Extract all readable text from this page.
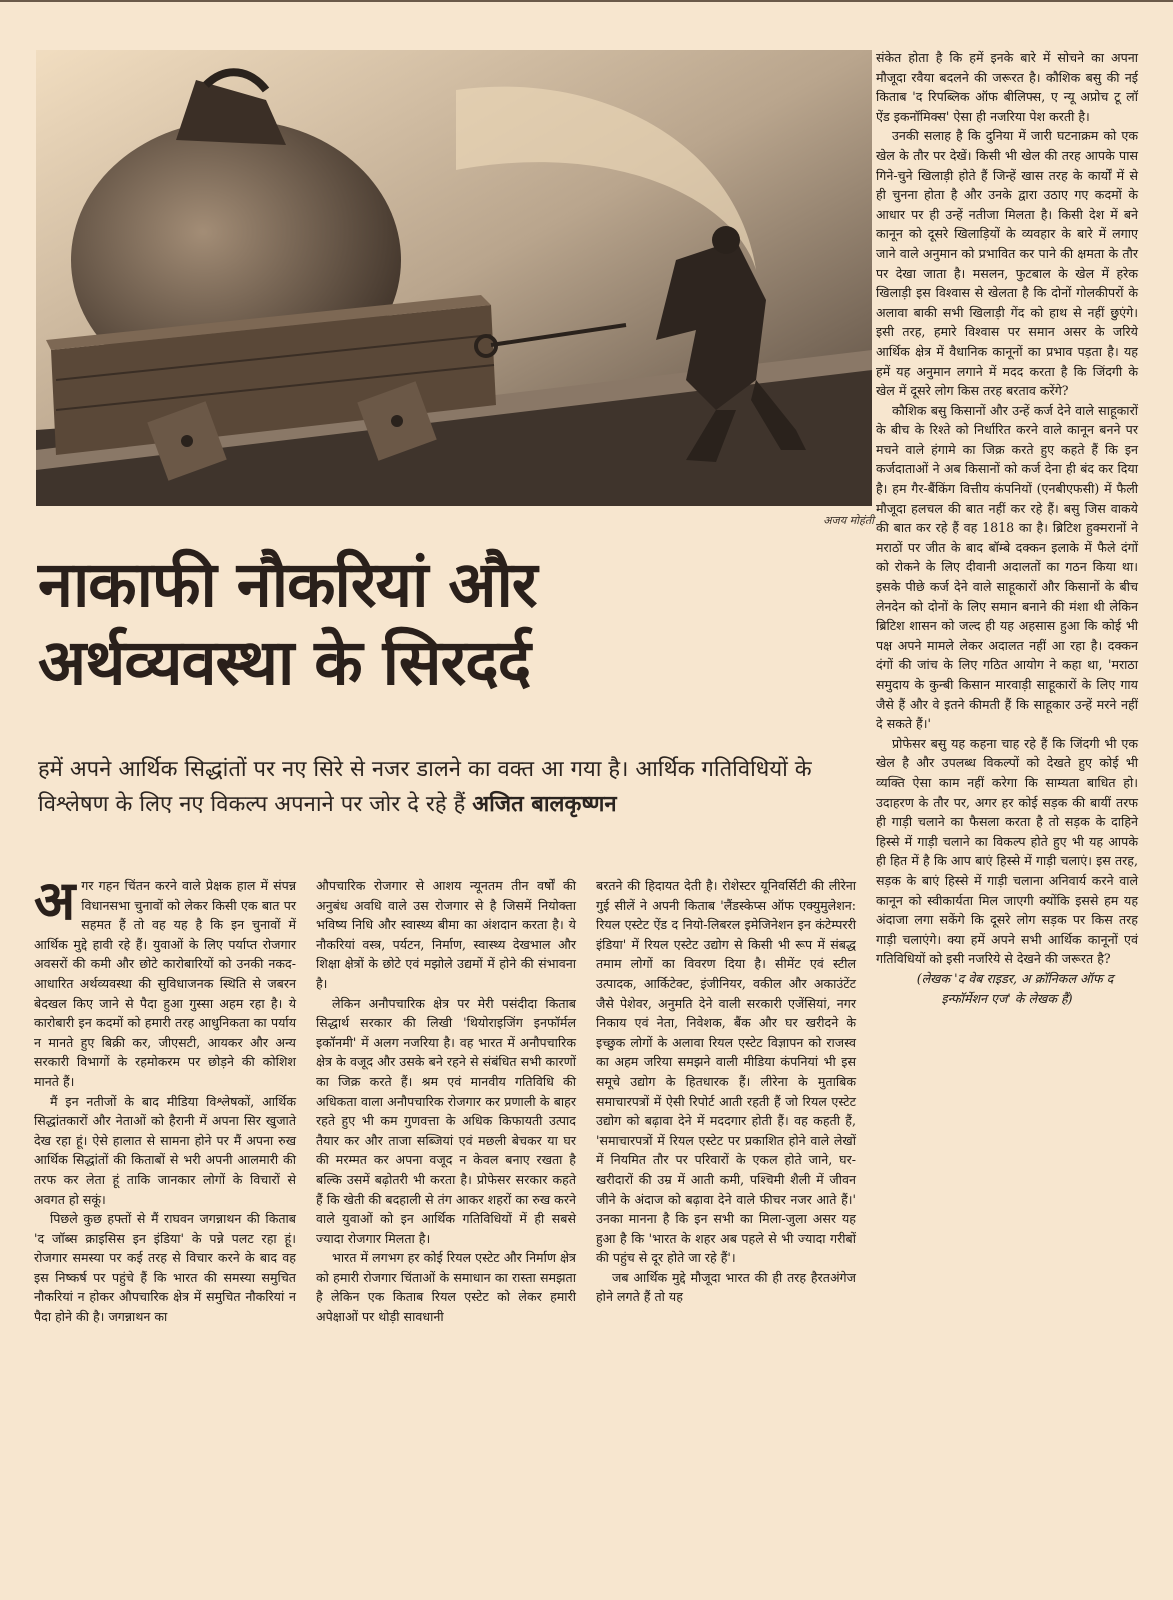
अजय मोहंती
नाकाफी नौकरियां और
अर्थव्यवस्था के सिरदर्द

हमें अपने आर्थिक सिद्धांतों पर नए सिरे से नजर डालने का वक्त आ गया है। आर्थिक गतिविधियों के विश्लेषण के लिए नए विकल्प अपनाने पर जोर दे रहे हैं अजित बालकृष्णन

अगर गहन चिंतन करने वाले प्रेक्षक हाल में संपन्न विधानसभा चुनावों को लेकर किसी एक बात पर सहमत हैं तो वह यह है कि इन चुनावों में आर्थिक मुद्दे हावी रहे हैं। युवाओं के लिए पर्याप्त रोजगार अवसरों की कमी और छोटे कारोबारियों को उनकी नकद-आधारित अर्थव्यवस्था की सुविधाजनक स्थिति से जबरन बेदखल किए जाने से पैदा हुआ गुस्सा अहम रहा है। ये कारोबारी इन कदमों को हमारी तरह आधुनिकता का पर्याय न मानते हुए बिक्री कर, जीएसटी, आयकर और अन्य सरकारी विभागों के रहमोकरम पर छोड़ने की कोशिश मानते हैं।

मैं इन नतीजों के बाद मीडिया विश्लेषकों, आर्थिक सिद्धांतकारों और नेताओं को हैरानी में अपना सिर खुजाते देख रहा हूं। ऐसे हालात से सामना होने पर मैं अपना रुख आर्थिक सिद्धांतों की किताबों से भरी अपनी आलमारी की तरफ कर लेता हूं ताकि जानकार लोगों के विचारों से अवगत हो सकूं।

पिछले कुछ हफ्तों से मैं राघवन जगन्नाथन की किताब 'द जॉब्स क्राइसिस इन इंडिया' के पन्ने पलट रहा हूं। रोजगार समस्या पर कई तरह से विचार करने के बाद वह इस निष्कर्ष पर पहुंचे हैं कि भारत की समस्या समुचित नौकरियां न होकर औपचारिक क्षेत्र में समुचित नौकरियां न पैदा होने की है। जगन्नाथन का

औपचारिक रोजगार से आशय न्यूनतम तीन वर्षों की अनुबंध अवधि वाले उस रोजगार से है जिसमें नियोक्ता भविष्य निधि और स्वास्थ्य बीमा का अंशदान करता है। ये नौकरियां वस्त्र, पर्यटन, निर्माण, स्वास्थ्य देखभाल और शिक्षा क्षेत्रों के छोटे एवं मझोले उद्यमों में होने की संभावना है।

लेकिन अनौपचारिक क्षेत्र पर मेरी पसंदीदा किताब सिद्धार्थ सरकार की लिखी 'थियोराइजिंग इनफॉर्मल इकॉनमी' में अलग नजरिया है। वह भारत में अनौपचारिक क्षेत्र के वजूद और उसके बने रहने से संबंधित सभी कारणों का जिक्र करते हैं। श्रम एवं मानवीय गतिविधि की अधिकता वाला अनौपचारिक रोजगार कर प्रणाली के बाहर रहते हुए भी कम गुणवत्ता के अधिक किफायती उत्पाद तैयार कर और ताजा सब्जियां एवं मछली बेचकर या घर की मरम्मत कर अपना वजूद न केवल बनाए रखता है बल्कि उसमें बढ़ोतरी भी करता है। प्रोफेसर सरकार कहते हैं कि खेती की बदहाली से तंग आकर शहरों का रुख करने वाले युवाओं को इन आर्थिक गतिविधियों में ही सबसे ज्यादा रोजगार मिलता है।

भारत में लगभग हर कोई रियल एस्टेट और निर्माण क्षेत्र को हमारी रोजगार चिंताओं के समाधान का रास्ता समझता है लेकिन एक किताब रियल एस्टेट को लेकर हमारी अपेक्षाओं पर थोड़ी सावधानी

बरतने की हिदायत देती है। रोशेस्टर यूनिवर्सिटी की लीरेना गुई सीलें ने अपनी किताब 'लैंडस्केप्स ऑफ एक्युमुलेशन: रियल एस्टेट ऐंड द नियो-लिबरल इमेजिनेशन इन कंटेम्पररी इंडिया' में रियल एस्टेट उद्योग से किसी भी रूप में संबद्ध तमाम लोगों का विवरण दिया है। सीमेंट एवं स्टील उत्पादक, आर्किटेक्ट, इंजीनियर, वकील और अकाउंटेंट जैसे पेशेवर, अनुमति देने वाली सरकारी एजेंसियां, नगर निकाय एवं नेता, निवेशक, बैंक और घर खरीदने के इच्छुक लोगों के अलावा रियल एस्टेट विज्ञापन को राजस्व का अहम जरिया समझने वाली मीडिया कंपनियां भी इस समूचे उद्योग के हितधारक हैं। लीरेना के मुताबिक समाचारपत्रों में ऐसी रिपोर्ट आती रहती हैं जो रियल एस्टेट उद्योग को बढ़ावा देने में मददगार होती हैं। वह कहती हैं, 'समाचारपत्रों में रियल एस्टेट पर प्रकाशित होने वाले लेखों में नियमित तौर पर परिवारों के एकल होते जाने, घर-खरीदारों की उम्र में आती कमी, पश्चिमी शैली में जीवन जीने के अंदाज को बढ़ावा देने वाले फीचर नजर आते हैं।' उनका मानना है कि इन सभी का मिला-जुला असर यह हुआ है कि 'भारत के शहर अब पहले से भी ज्यादा गरीबों की पहुंच से दूर होते जा रहे हैं'।

जब आर्थिक मुद्दे मौजूदा भारत की ही तरह हैरतअंगेज होने लगते हैं तो यह

संकेत होता है कि हमें इनके बारे में सोचने का अपना मौजूदा रवैया बदलने की जरूरत है। कौशिक बसु की नई किताब 'द रिपब्लिक ऑफ बीलिफ्स, ए न्यू अप्रोच टू लॉ ऐंड इकनॉमिक्स' ऐसा ही नजरिया पेश करती है।

उनकी सलाह है कि दुनिया में जारी घटनाक्रम को एक खेल के तौर पर देखें। किसी भी खेल की तरह आपके पास गिने-चुने खिलाड़ी होते हैं जिन्हें खास तरह के कार्यों में से ही चुनना होता है और उनके द्वारा उठाए गए कदमों के आधार पर ही उन्हें नतीजा मिलता है। किसी देश में बने कानून को दूसरे खिलाड़ियों के व्यवहार के बारे में लगाए जाने वाले अनुमान को प्रभावित कर पाने की क्षमता के तौर पर देखा जाता है। मसलन, फुटबाल के खेल में हरेक खिलाड़ी इस विश्वास से खेलता है कि दोनों गोलकीपरों के अलावा बाकी सभी खिलाड़ी गेंद को हाथ से नहीं छुएंगे। इसी तरह, हमारे विश्वास पर समान असर के जरिये आर्थिक क्षेत्र में वैधानिक कानूनों का प्रभाव पड़ता है। यह हमें यह अनुमान लगाने में मदद करता है कि जिंदगी के खेल में दूसरे लोग किस तरह बरताव करेंगे?

कौशिक बसु किसानों और उन्हें कर्ज देने वाले साहूकारों के बीच के रिश्ते को निर्धारित करने वाले कानून बनने पर मचने वाले हंगामे का जिक्र करते हुए कहते हैं कि इन कर्जदाताओं ने अब किसानों को कर्ज देना ही बंद कर दिया है। हम गैर-बैंकिंग वित्तीय कंपनियों (एनबीएफसी) में फैली मौजूदा हलचल की बात नहीं कर रहे हैं। बसु जिस वाकये की बात कर रहे हैं वह 1818 का है। ब्रिटिश हुक्मरानों ने मराठों पर जीत के बाद बॉम्बे दक्कन इलाके में फैले दंगों को रोकने के लिए दीवानी अदालतों का गठन किया था। इसके पीछे कर्ज देने वाले साहूकारों और किसानों के बीच लेनदेन को दोनों के लिए समान बनाने की मंशा थी लेकिन ब्रिटिश शासन को जल्द ही यह अहसास हुआ कि कोई भी पक्ष अपने मामले लेकर अदालत नहीं आ रहा है। दक्कन दंगों की जांच के लिए गठित आयोग ने कहा था, 'मराठा समुदाय के कुन्बी किसान मारवाड़ी साहूकारों के लिए गाय जैसे हैं और वे इतने कीमती हैं कि साहूकार उन्हें मरने नहीं दे सकते हैं।'

प्रोफेसर बसु यह कहना चाह रहे हैं कि जिंदगी भी एक खेल है और उपलब्ध विकल्पों को देखते हुए कोई भी व्यक्ति ऐसा काम नहीं करेगा कि साम्यता बाधित हो। उदाहरण के तौर पर, अगर हर कोई सड़क की बायीं तरफ ही गाड़ी चलाने का फैसला करता है तो सड़क के दाहिने हिस्से में गाड़ी चलाने का विकल्प होते हुए भी यह आपके ही हित में है कि आप बाएं हिस्से में गाड़ी चलाएं। इस तरह, सड़क के बाएं हिस्से में गाड़ी चलाना अनिवार्य करने वाले कानून को स्वीकार्यता मिल जाएगी क्योंकि इससे हम यह अंदाजा लगा सकेंगे कि दूसरे लोग सड़क पर किस तरह गाड़ी चलाएंगे। क्या हमें अपने सभी आर्थिक कानूनों एवं गतिविधियों को इसी नजरिये से देखने की जरूरत है?

(लेखक 'द वेब राइडर, अ क्रॉनिकल ऑफ द इन्फॉर्मेशन एज' के लेखक हैं)
